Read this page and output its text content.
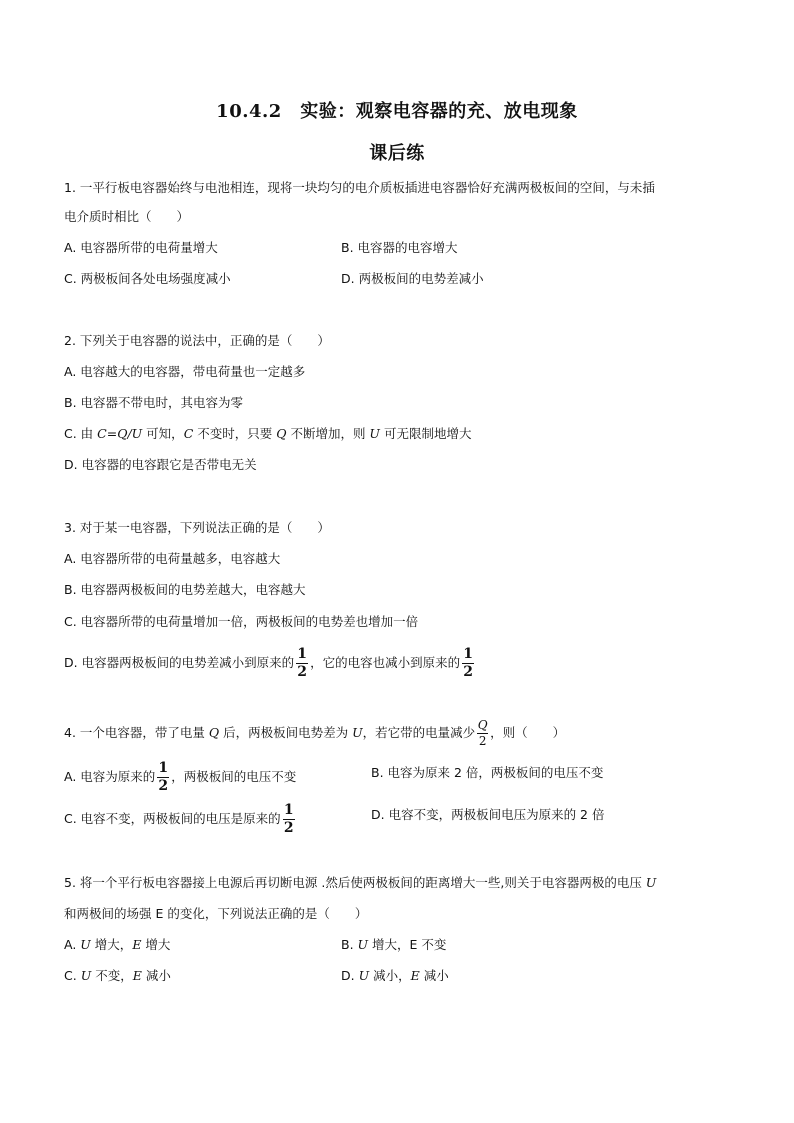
10.4.2　实验：观察电容器的充、放电现象
课后练
1. 一平行板电容器始终与电池相连，现将一块均匀的电介质板插进电容器恰好充满两极板间的空间，与未插
电介质时相比（　　）
A. 电容器所带的电荷量增大	B. 电容器的电容增大
C. 两极板间各处电场强度减小	D. 两极板间的电势差减小
2. 下列关于电容器的说法中，正确的是（　　）
A. 电容越大的电容器，带电荷量也一定越多
B. 电容器不带电时，其电容为零
C. 由 C=Q/U 可知，C 不变时，只要 Q 不断增加，则 U 可无限制地增大
D. 电容器的电容跟它是否带电无关
3. 对于某一电容器，下列说法正确的是（　　）
A. 电容器所带的电荷量越多，电容越大
B. 电容器两极板间的电势差越大，电容越大
C. 电容器所带的电荷量增加一倍，两极板间的电势差也增加一倍
D. 电容器两极板间的电势差减小到原来的 $\frac{1}{2}$ ，它的电容也减小到原来的 $\frac{1}{2}$
4. 一个电容器，带了电量 Q 后，两极板间电势差为 U，若它带的电量减少 $\frac{Q}{2}$ ，则（　　）
A. 电容为原来的 $\frac{1}{2}$ ，两极板间的电压不变	B. 电容为原来 2 倍，两极板间的电压不变
C. 电容不变，两极板间的电压是原来的 $\frac{1}{2}$	D. 电容不变，两极板间电压为原来的 2 倍
5. 将一个平行板电容器接上电源后再切断电源 .然后使两极板间的距离增大一些,则关于电容器两极的电压 U
和两极间的场强 E 的变化，下列说法正确的是（　　）
A. U 增大，E 增大	B. U 增大，E 不变
C. U 不变，E 减小	D. U 减小，E 减小
